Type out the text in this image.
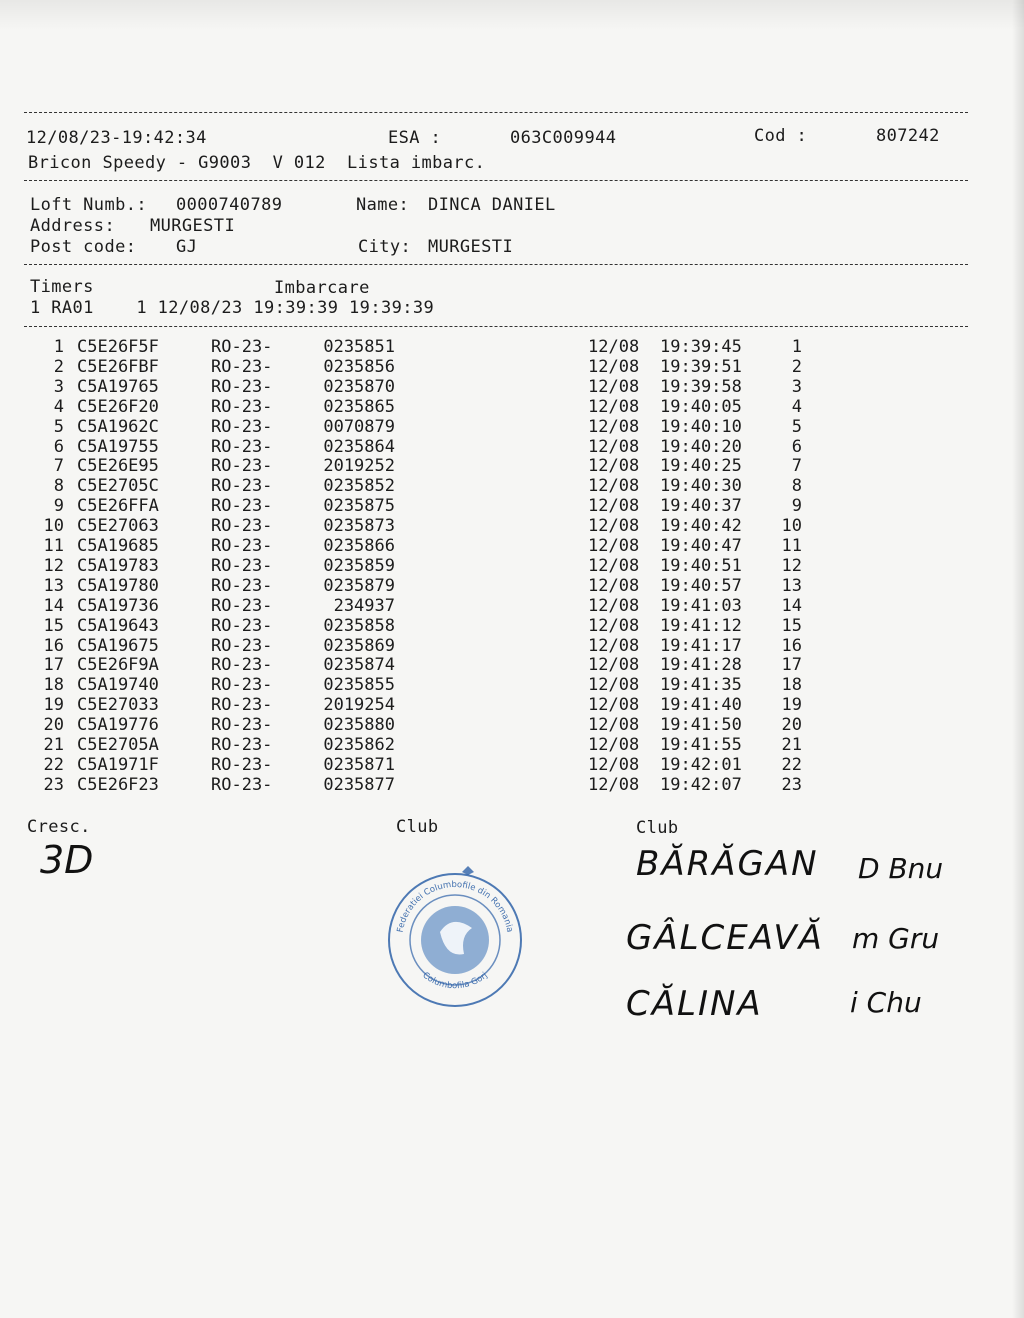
12/08/23-19:42:34	ESA :	063C009944	Cod :	807242
Bricon Speedy - G9003  V 012  Lista imbarc.
Loft Numb.: 0000740789	Name: DINCA DANIEL
Address: MURGESTI
Post code: GJ	City: MURGESTI
Timers	Imbarcare
1 RA01    1 12/08/23 19:39:39 19:39:39
1 C5E26F5F	RO-23-	0235851	12/08 19:39:45	1
2 C5E26FBF	RO-23-	0235856	12/08 19:39:51	2
3 C5A19765	RO-23-	0235870	12/08 19:39:58	3
4 C5E26F20	RO-23-	0235865	12/08 19:40:05	4
5 C5A1962C	RO-23-	0070879	12/08 19:40:10	5
6 C5A19755	RO-23-	0235864	12/08 19:40:20	6
7 C5E26E95	RO-23-	2019252	12/08 19:40:25	7
8 C5E2705C	RO-23-	0235852	12/08 19:40:30	8
9 C5E26FFA	RO-23-	0235875	12/08 19:40:37	9
10 C5E27063	RO-23-	0235873	12/08 19:40:42	10
11 C5A19685	RO-23-	0235866	12/08 19:40:47	11
12 C5A19783	RO-23-	0235859	12/08 19:40:51	12
13 C5A19780	RO-23-	0235879	12/08 19:40:57	13
14 C5A19736	RO-23-	234937	12/08 19:41:03	14
15 C5A19643	RO-23-	0235858	12/08 19:41:12	15
16 C5A19675	RO-23-	0235869	12/08 19:41:17	16
17 C5E26F9A	RO-23-	0235874	12/08 19:41:28	17
18 C5A19740	RO-23-	0235855	12/08 19:41:35	18
19 C5E27033	RO-23-	2019254	12/08 19:41:40	19
20 C5A19776	RO-23-	0235880	12/08 19:41:50	20
21 C5E2705A	RO-23-	0235862	12/08 19:41:55	21
22 C5A1971F	RO-23-	0235871	12/08 19:42:01	22
23 C5E26F23	RO-23-	0235877	12/08 19:42:07	23
Cresc.	Club	Club
3D
Federatiei Columbofile din Romania
Columbofila Gorj
BĂRĂGAN D Bnu
GÂLCEAVĂ m Gru
CĂLINA	i Chu
